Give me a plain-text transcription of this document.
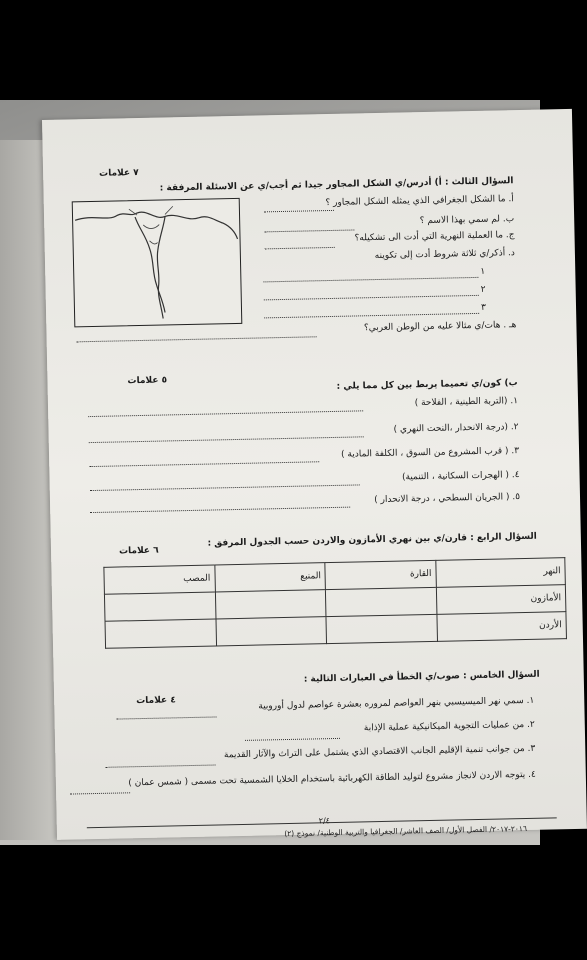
٧ علامات
السؤال الثالث : أ) أدرس/ي الشكل المجاور جيدا ثم أجب/ي عن الاسئلة المرفقة :
أ. ما الشكل الجغرافي الذي يمثله الشكل المجاور ؟
ب. لم سمي بهذا الاسم ؟
ج. ما العملية النهرية التي أدت الى تشكيله؟
د. أذكر/ي ثلاثة شروط أدت إلى تكوينه
١
٢
٣
هـ . هات/ي مثالا عليه من الوطن العربي؟
٥ علامات	ب) كون/ي تعميما يربط بين كل مما يلي :
١. (التربة الطينية ، الفلاحة )
٢. (درجة الانحدار ،النحت النهري )
٣. ( قرب المشروع من السوق ، الكلفة المادية )
٤. ( الهجرات السكانية ، التنمية)
٥. ( الجريان السطحي ، درجة الانحدار )
٦ علامات
السؤال الرابع : قارن/ي بين نهري الأمازون والاردن حسب الجدول المرفق :
النهر	القارة	المنبع	المصب
الأمازون			
الأردن			
السؤال الخامس : صوب/ي الخطأ في العبارات التالية :
٤ علامات	١. سمي نهر الميسيسبي بنهر العواصم لمروره بعشرة عواصم لدول أوروبية
٢. من عمليات التجوية الميكانيكية عملية الإذابة
٣. من جوانب تنمية الإقليم الجانب الاقتصادي الذي يشتمل على التراث والآثار القديمة
٤. يتوجه الاردن لانجاز مشروع لتوليد الطاقة الكهربائية باستخدام الخلايا الشمسية تحت مسمى ( شمس عمان )
٢/٤
٢٠١٦-٢٠١٧/ الفصل الأول/ الصف العاشر/ الجغرافيا والتربية الوطنية/ نموذج (٢)
